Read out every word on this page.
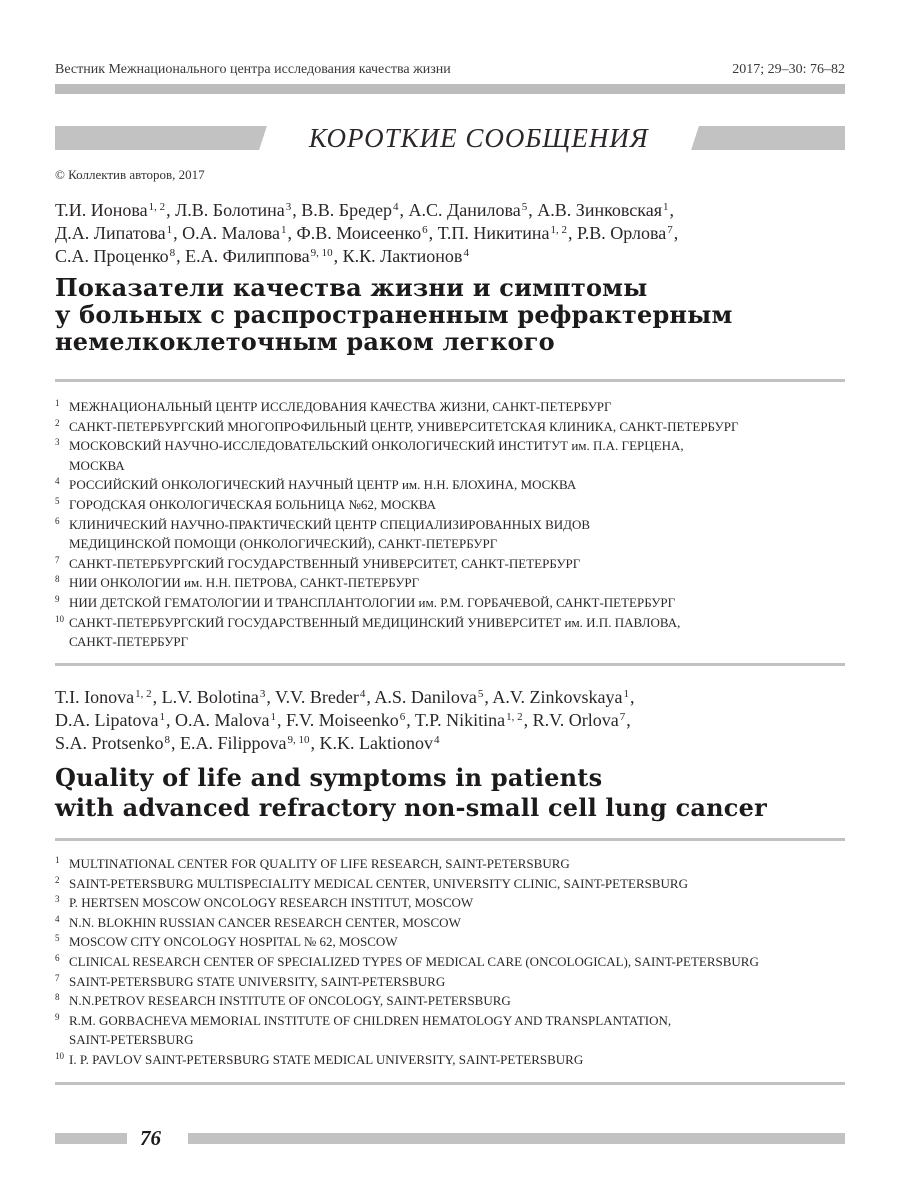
Вестник Межнационального центра исследования качества жизни	2017; 29–30: 76–82
КОРОТКИЕ СООБЩЕНИЯ
© Коллектив авторов, 2017
Т.И. Ионова$^{1, 2}$, Л.В. Болотина$^3$, В.В. Бредер$^4$, А.С. Данилова$^5$, А.В. Зинковская$^1$,
Д.А. Липатова$^1$, О.А. Малова$^1$, Ф.В. Моисеенко$^6$, Т.П. Никитина$^{1, 2}$, Р.В. Орлова$^7$,
С.А. Проценко$^8$, Е.А. Филиппова$^{9, 10}$, К.К. Лактионов$^4$
Показатели качества жизни и симптомы
у больных с распространенным рефрактерным
немелкоклеточным раком легкого
1 МЕЖНАЦИОНАЛЬНЫЙ ЦЕНТР ИССЛЕДОВАНИЯ КАЧЕСТВА ЖИЗНИ, САНКТ-ПЕТЕРБУРГ
2 САНКТ-ПЕТЕРБУРГСКИЙ МНОГОПРОФИЛЬНЫЙ ЦЕНТР, УНИВЕРСИТЕТСКАЯ КЛИНИКА, САНКТ-ПЕТЕРБУРГ
3 МОСКОВСКИЙ НАУЧНО-ИССЛЕДОВАТЕЛЬСКИЙ ОНКОЛОГИЧЕСКИЙ ИНСТИТУТ им. П.А. ГЕРЦЕНА,
МОСКВА
4 РОССИЙСКИЙ ОНКОЛОГИЧЕСКИЙ НАУЧНЫЙ ЦЕНТР им. Н.Н. БЛОХИНА, МОСКВА
5 ГОРОДСКАЯ ОНКОЛОГИЧЕСКАЯ БОЛЬНИЦА №62, МОСКВА
6 КЛИНИЧЕСКИЙ НАУЧНО-ПРАКТИЧЕСКИЙ ЦЕНТР СПЕЦИАЛИЗИРОВАННЫХ ВИДОВ
МЕДИЦИНСКОЙ ПОМОЩИ (ОНКОЛОГИЧЕСКИЙ), САНКТ-ПЕТЕРБУРГ
7 САНКТ-ПЕТЕРБУРГСКИЙ ГОСУДАРСТВЕННЫЙ УНИВЕРСИТЕТ, САНКТ-ПЕТЕРБУРГ
8 НИИ ОНКОЛОГИИ им. Н.Н. ПЕТРОВА, САНКТ-ПЕТЕРБУРГ
9 НИИ ДЕТСКОЙ ГЕМАТОЛОГИИ И ТРАНСПЛАНТОЛОГИИ им. Р.М. ГОРБАЧЕВОЙ, САНКТ-ПЕТЕРБУРГ
10 САНКТ-ПЕТЕРБУРГСКИЙ ГОСУДАРСТВЕННЫЙ МЕДИЦИНСКИЙ УНИВЕРСИТЕТ им. И.П. ПАВЛОВА,
САНКТ-ПЕТЕРБУРГ
T.I. Ionova$^{1, 2}$, L.V. Bolotina$^3$, V.V. Breder$^4$, A.S. Danilova$^5$, A.V. Zinkovskaya$^1$,
D.A. Lipatova$^1$, O.A. Malova$^1$, F.V. Moiseenko$^6$, T.P. Nikitina$^{1, 2}$, R.V. Orlova$^7$,
S.A. Protsenko$^8$, E.A. Filippova$^{9, 10}$, K.K. Laktionov$^4$
Quality of life and symptoms in patients
with advanced refractory non-small cell lung cancer
1 MULTINATIONAL CENTER FOR QUALITY OF LIFE RESEARCH, SAINT-PETERSBURG
2 SAINT-PETERSBURG MULTISPECIALITY MEDICAL CENTER, UNIVERSITY CLINIC, SAINT-PETERSBURG
3 P. HERTSEN MOSCOW ONCOLOGY RESEARCH INSTITUT, MOSCOW
4 N.N. BLOKHIN RUSSIAN CANCER RESEARCH CENTER, MOSCOW
5 MOSCOW CITY ONCOLOGY HOSPITAL № 62, MOSCOW
6 CLINICAL RESEARCH CENTER OF SPECIALIZED TYPES OF MEDICAL CARE (ONCOLOGICAL), SAINT-PETERSBURG
7 SAINT-PETERSBURG STATE UNIVERSITY, SAINT-PETERSBURG
8 N.N.PETROV RESEARCH INSTITUTE OF ONCOLOGY, SAINT-PETERSBURG
9 R.M. GORBACHEVA MEMORIAL INSTITUTE OF CHILDREN HEMATOLOGY AND TRANSPLANTATION,
SAINT-PETERSBURG
10 I. P. PAVLOV SAINT-PETERSBURG STATE MEDICAL UNIVERSITY, SAINT-PETERSBURG
76
